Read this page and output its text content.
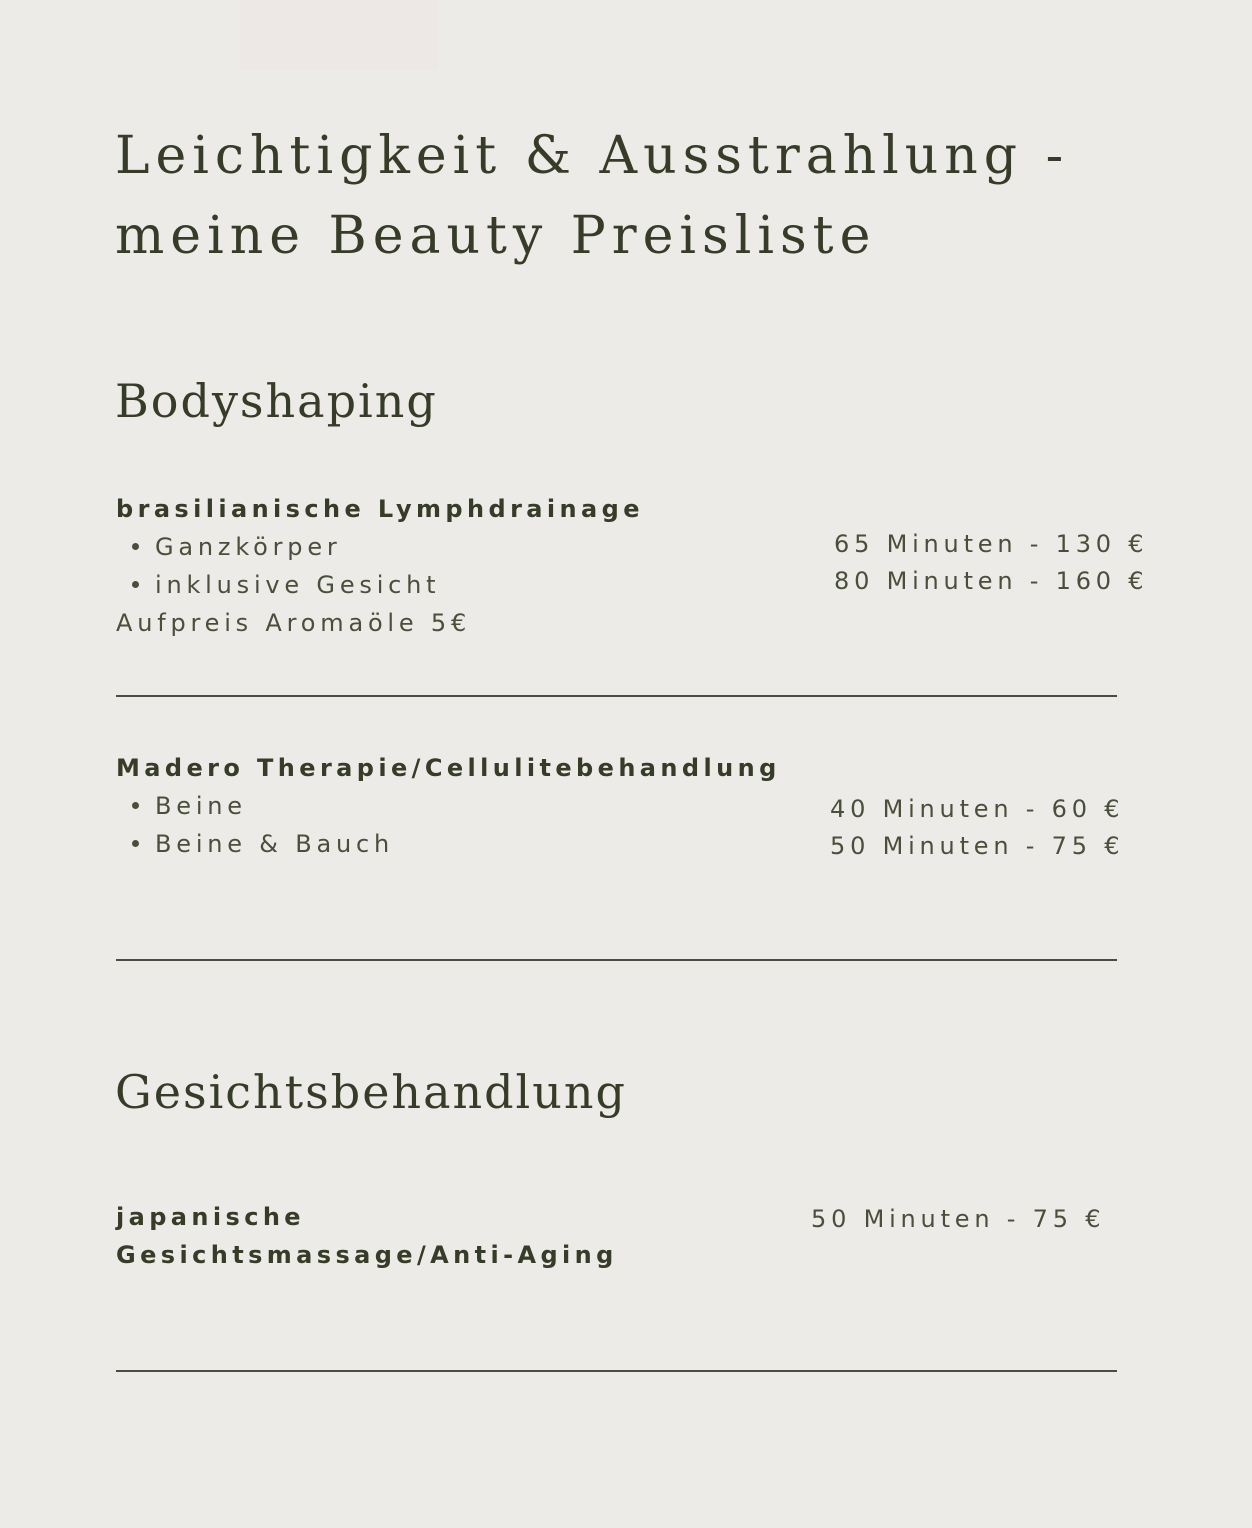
Leichtigkeit & Ausstrahlung - meine Beauty Preisliste
Bodyshaping

brasilianische Lymphdrainage

Ganzkörper

inklusive Gesicht

Aufpreis Aromaöle 5€

65 Minuten - 130 €

80 Minuten - 160 €

Madero Therapie/Cellulitebehandlung

Beine

Beine & Bauch

40 Minuten - 60 €

50 Minuten - 75 €

Gesichtsbehandlung

japanische Gesichtsmassage/Anti-Aging

50 Minuten - 75 €
